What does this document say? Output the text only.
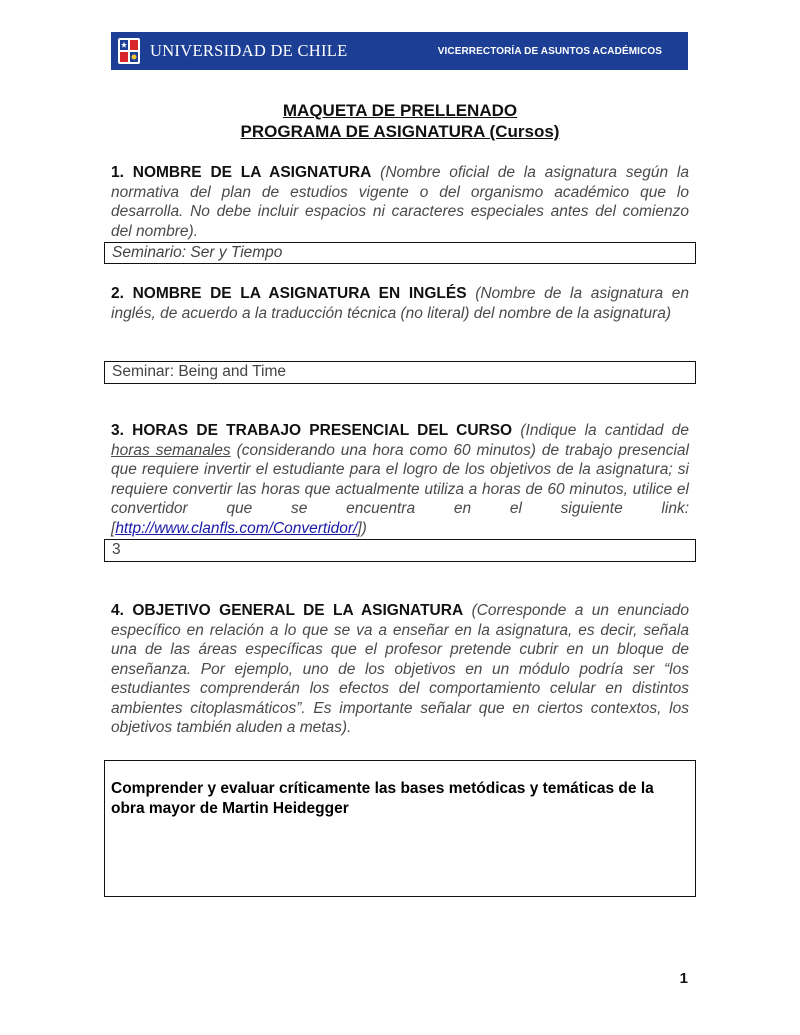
UNIVERSIDAD DE CHILE	VICERRECTORÍA DE ASUNTOS ACADÉMICOS
MAQUETA DE PRELLENADO
PROGRAMA DE ASIGNATURA (Cursos)
1. NOMBRE DE LA ASIGNATURA (Nombre oficial de la asignatura según la normativa del plan de estudios vigente o del organismo académico que lo desarrolla. No debe incluir espacios ni caracteres especiales antes del comienzo del nombre).
Seminario: Ser y Tiempo
2. NOMBRE DE LA ASIGNATURA EN INGLÉS (Nombre de la asignatura en inglés, de acuerdo a la traducción técnica (no literal) del nombre de la asignatura)
Seminar: Being and Time
3. HORAS DE TRABAJO PRESENCIAL DEL CURSO (Indique la cantidad de horas semanales (considerando una hora como 60 minutos) de trabajo presencial que requiere invertir el estudiante para el logro de los objetivos de la asignatura; si requiere convertir las horas que actualmente utiliza a horas de 60 minutos, utilice el convertidor que se encuentra en el siguiente link: [http://www.clanfls.com/Convertidor/])
3
4. OBJETIVO GENERAL DE LA ASIGNATURA (Corresponde a un enunciado específico en relación a lo que se va a enseñar en la asignatura, es decir, señala una de las áreas específicas que el profesor pretende cubrir en un bloque de enseñanza. Por ejemplo, uno de los objetivos en un módulo podría ser “los estudiantes comprenderán los efectos del comportamiento celular en distintos ambientes citoplasmáticos”. Es importante señalar que en ciertos contextos, los objetivos también aluden a metas).
Comprender y evaluar críticamente las bases metódicas y temáticas de la obra mayor de Martin Heidegger
1
